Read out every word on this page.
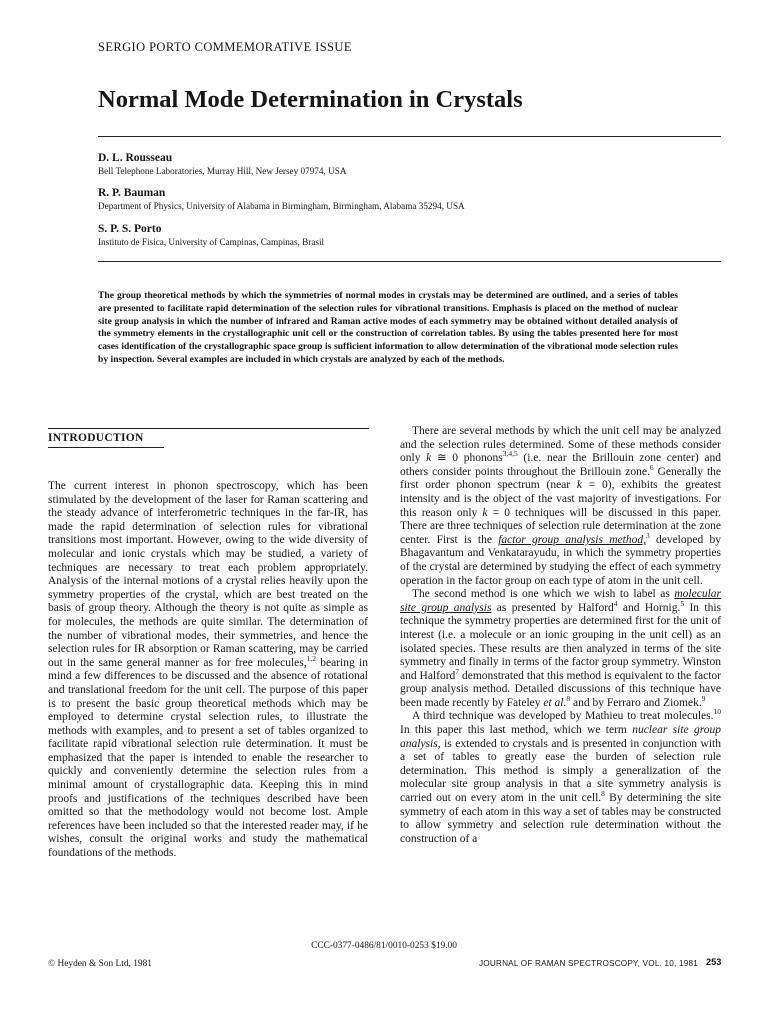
SERGIO PORTO COMMEMORATIVE ISSUE
Normal Mode Determination in Crystals
D. L. Rousseau
Bell Telephone Laboratories, Murray Hill, New Jersey 07974, USA
R. P. Bauman
Department of Physics, University of Alabama in Birmingham, Birmingham, Alabama 35294, USA
S. P. S. Porto
Instituto de Fisica, University of Campinas, Campinas, Brasil

The group theoretical methods by which the symmetries of normal modes in crystals may be determined are outlined, and a series of tables are presented to facilitate rapid determination of the selection rules for vibrational transitions. Emphasis is placed on the method of nuclear site group analysis in which the number of infrared and Raman active modes of each symmetry may be obtained without detailed analysis of the symmetry elements in the crystallographic unit cell or the construction of correlation tables. By using the tables presented here for most cases identification of the crystallographic space group is sufficient information to allow determination of the vibrational mode selection rules by inspection. Several examples are included in which crystals are analyzed by each of the methods.

INTRODUCTION

The current interest in phonon spectroscopy, which has been stimulated by the development of the laser for Raman scattering and the steady advance of interferometric techniques in the far-IR, has made the rapid determination of selection rules for vibrational transitions most important. However, owing to the wide diversity of molecular and ionic crystals which may be studied, a variety of techniques are necessary to treat each problem appropriately. Analysis of the internal motions of a crystal relies heavily upon the symmetry properties of the crystal, which are best treated on the basis of group theory. Although the theory is not quite as simple as for molecules, the methods are quite similar. The determination of the number of vibrational modes, their symmetries, and hence the selection rules for IR absorption or Raman scattering, may be carried out in the same general manner as for free molecules,$^{1,2}$ bearing in mind a few differences to be discussed and the absence of rotational and translational freedom for the unit cell. The purpose of this paper is to present the basic group theoretical methods which may be employed to determine crystal selection rules, to illustrate the methods with examples, and to present a set of tables organized to facilitate rapid vibrational selection rule determination. It must be emphasized that the paper is intended to enable the researcher to quickly and conveniently determine the selection rules from a minimal amount of crystallographic data. Keeping this in mind proofs and justifications of the techniques described have been omitted so that the methodology would not become lost. Ample references have been included so that the interested reader may, if he wishes, consult the original works and study the mathematical foundations of the methods.

There are several methods by which the unit cell may be analyzed and the selection rules determined. Some of these methods consider only k ≅ 0 phonons$^{3,4,5}$ (i.e. near the Brillouin zone center) and others consider points throughout the Brillouin zone.$^6$ Generally the first order phonon spectrum (near k = 0), exhibits the greatest intensity and is the object of the vast majority of investigations. For this reason only k = 0 techniques will be discussed in this paper. There are three techniques of selection rule determination at the zone center. First is the factor group analysis method,$^3$ developed by Bhagavantum and Venkatarayudu, in which the symmetry properties of the crystal are determined by studying the effect of each symmetry operation in the factor group on each type of atom in the unit cell.

The second method is one which we wish to label as molecular site group analysis as presented by Halford$^4$ and Hornig.$^5$ In this technique the symmetry properties are determined first for the unit of interest (i.e. a molecule or an ionic grouping in the unit cell) as an isolated species. These results are then analyzed in terms of the site symmetry and finally in terms of the factor group symmetry. Winston and Halford$^7$ demonstrated that this method is equivalent to the factor group analysis method. Detailed discussions of this technique have been made recently by Fateley et al.$^8$ and by Ferraro and Ziomek.$^9$

A third technique was developed by Mathieu to treat molecules.$^{10}$ In this paper this last method, which we term nuclear site group analysis, is extended to crystals and is presented in conjunction with a set of tables to greatly ease the burden of selection rule determination. This method is simply a generalization of the molecular site group analysis in that a site symmetry analysis is carried out on every atom in the unit cell.$^8$ By determining the site symmetry of each atom in this way a set of tables may be constructed to allow symmetry and selection rule determination without the construction of a

CCC-0377-0486/81/0010-0253 $19.00
© Heyden & Son Ltd, 1981	JOURNAL OF RAMAN SPECTROSCOPY, VOL. 10, 1981 253
